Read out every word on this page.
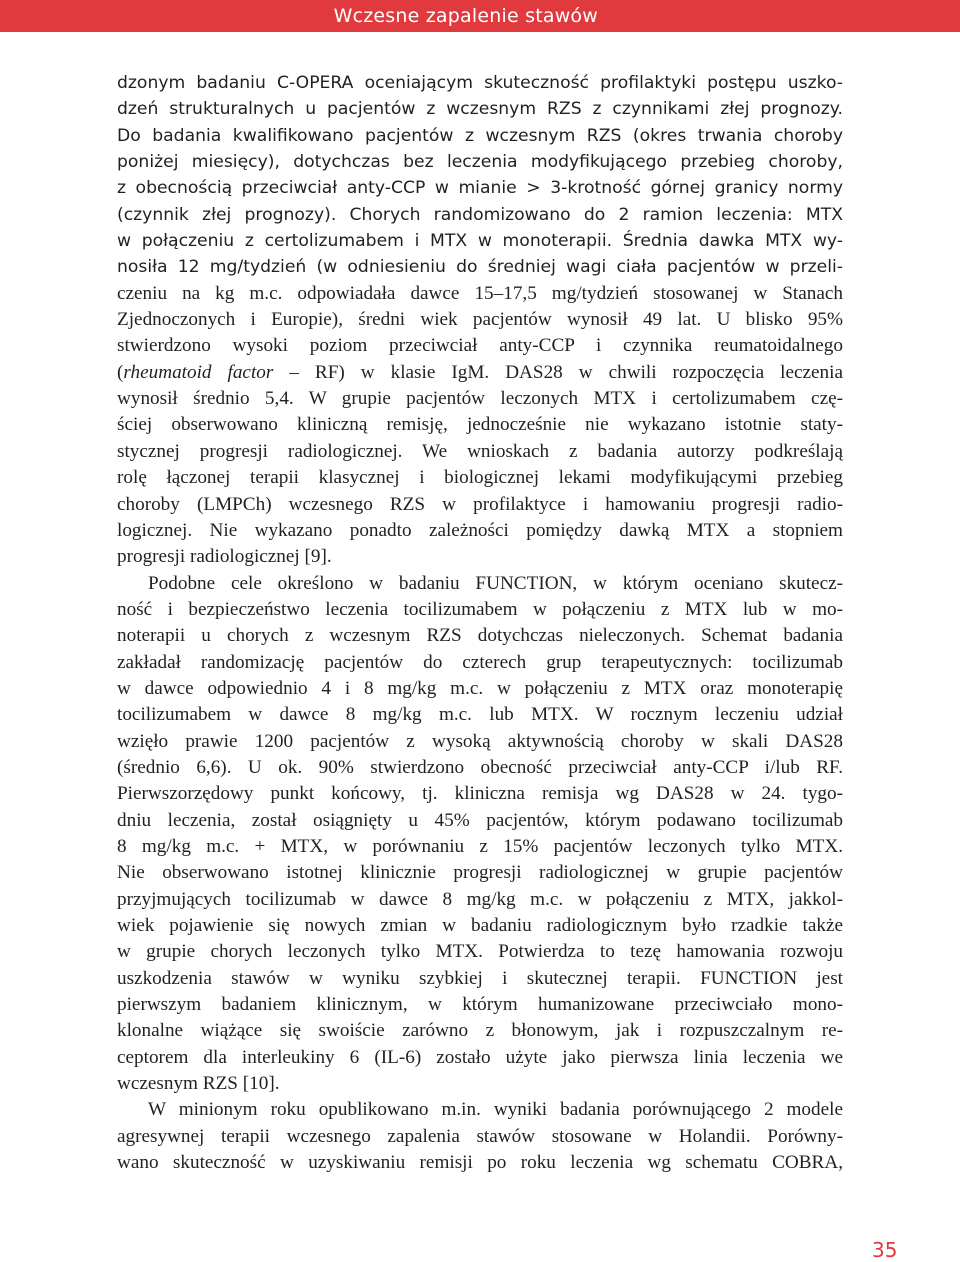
Wczesne zapalenie stawów
dzonym badaniu C-OPERA oceniającym skuteczność profilaktyki postępu uszko-
dzeń strukturalnych u pacjentów z wczesnym RZS z czynnikami złej prognozy.
Do badania kwalifikowano pacjentów z wczesnym RZS (okres trwania choroby
poniżej miesięcy), dotychczas bez leczenia modyfikującego przebieg choroby,
z obecnością przeciwciał anty-CCP w mianie > 3-krotność górnej granicy normy
(czynnik złej prognozy). Chorych randomizowano do 2 ramion leczenia: MTX
w połączeniu z certolizumabem i MTX w monoterapii. Średnia dawka MTX wy-
nosiła 12 mg/tydzień (w odniesieniu do średniej wagi ciała pacjentów w przeli-
czeniu na kg m.c. odpowiadała dawce 15–17,5 mg/tydzień stosowanej w Stanach
Zjednoczonych i Europie), średni wiek pacjentów wynosił 49 lat. U blisko 95%
stwierdzono wysoki poziom przeciwciał anty-CCP i czynnika reumatoidalnego
(rheumatoid factor – RF) w klasie IgM. DAS28 w chwili rozpoczęcia leczenia
wynosił średnio 5,4. W grupie pacjentów leczonych MTX i certolizumabem czę-
ściej obserwowano kliniczną remisję, jednocześnie nie wykazano istotnie staty-
stycznej progresji radiologicznej. We wnioskach z badania autorzy podkreślają
rolę łączonej terapii klasycznej i biologicznej lekami modyfikującymi przebieg
choroby (LMPCh) wczesnego RZS w profilaktyce i hamowaniu progresji radio-
logicznej. Nie wykazano ponadto zależności pomiędzy dawką MTX a stopniem
progresji radiologicznej [9].
Podobne cele określono w badaniu FUNCTION, w którym oceniano skutecz-
ność i bezpieczeństwo leczenia tocilizumabem w połączeniu z MTX lub w mo-
noterapii u chorych z wczesnym RZS dotychczas nieleczonych. Schemat badania
zakładał randomizację pacjentów do czterech grup terapeutycznych: tocilizumab
w dawce odpowiednio 4 i 8 mg/kg m.c. w połączeniu z MTX oraz monoterapię
tocilizumabem w dawce 8 mg/kg m.c. lub MTX. W rocznym leczeniu udział
wzięło prawie 1200 pacjentów z wysoką aktywnością choroby w skali DAS28
(średnio 6,6). U ok. 90% stwierdzono obecność przeciwciał anty-CCP i/lub RF.
Pierwszorzędowy punkt końcowy, tj. kliniczna remisja wg DAS28 w 24. tygo-
dniu leczenia, został osiągnięty u 45% pacjentów, którym podawano tocilizumab
8 mg/kg m.c. + MTX, w porównaniu z 15% pacjentów leczonych tylko MTX.
Nie obserwowano istotnej klinicznie progresji radiologicznej w grupie pacjentów
przyjmujących tocilizumab w dawce 8 mg/kg m.c. w połączeniu z MTX, jakkol-
wiek pojawienie się nowych zmian w badaniu radiologicznym było rzadkie także
w grupie chorych leczonych tylko MTX. Potwierdza to tezę hamowania rozwoju
uszkodzenia stawów w wyniku szybkiej i skutecznej terapii. FUNCTION jest
pierwszym badaniem klinicznym, w którym humanizowane przeciwciało mono-
klonalne wiążące się swoiście zarówno z błonowym, jak i rozpuszczalnym re-
ceptorem dla interleukiny 6 (IL-6) zostało użyte jako pierwsza linia leczenia we
wczesnym RZS [10].
W minionym roku opublikowano m.in. wyniki badania porównującego 2 modele
agresywnej terapii wczesnego zapalenia stawów stosowane w Holandii. Porówny-
wano skuteczność w uzyskiwaniu remisji po roku leczenia wg schematu COBRA,
35
